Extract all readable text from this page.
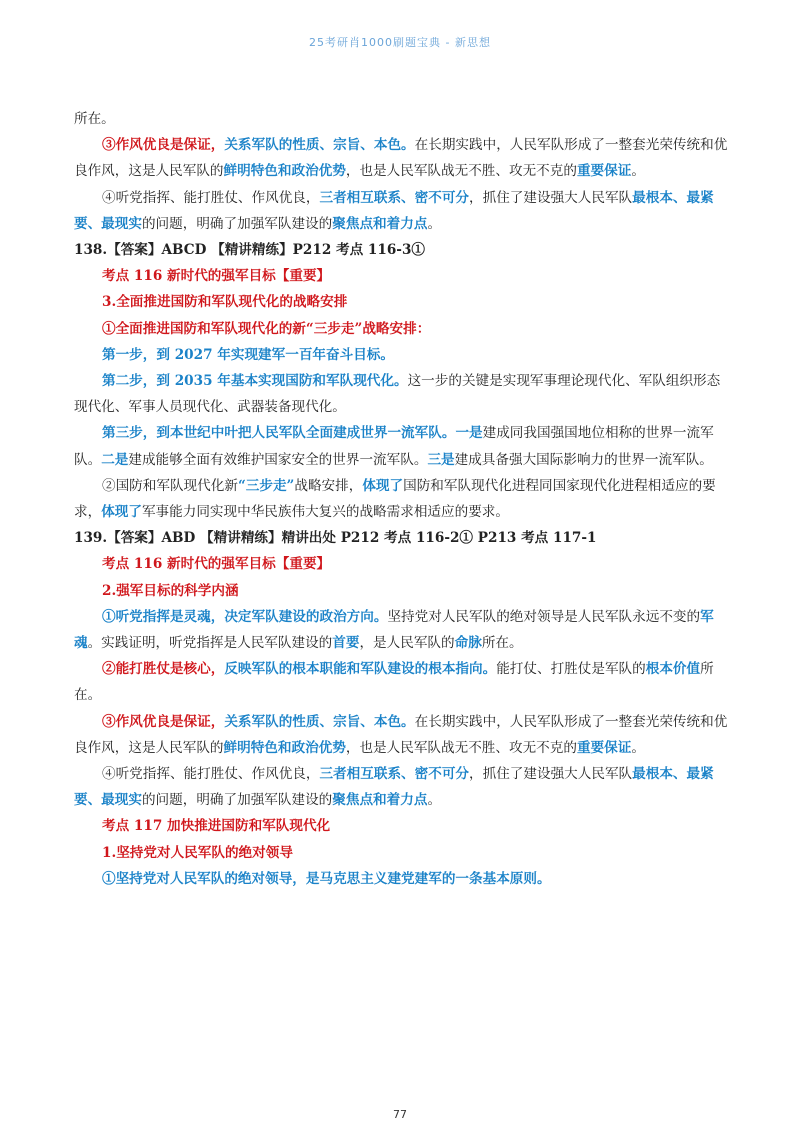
25考研肖1000刷题宝典 - 新思想

所在。

③作风优良是保证，关系军队的性质、宗旨、本色。在长期实践中，人民军队形成了一整套光荣传统和优良作风，这是人民军队的鲜明特色和政治优势，也是人民军队战无不胜、攻无不克的重要保证。

④听党指挥、能打胜仗、作风优良，三者相互联系、密不可分，抓住了建设强大人民军队最根本、最紧要、最现实的问题，明确了加强军队建设的聚焦点和着力点。

138.【答案】ABCD 【精讲精练】P212 考点 116-3①

考点 116 新时代的强军目标【重要】

3.全面推进国防和军队现代化的战略安排

①全面推进国防和军队现代化的新“三步走”战略安排：

第一步，到 2027 年实现建军一百年奋斗目标。

第二步，到 2035 年基本实现国防和军队现代化。这一步的关键是实现军事理论现代化、军队组织形态现代化、军事人员现代化、武器装备现代化。

第三步，到本世纪中叶把人民军队全面建成世界一流军队。一是建成同我国强国地位相称的世界一流军队。二是建成能够全面有效维护国家安全的世界一流军队。三是建成具备强大国际影响力的世界一流军队。

②国防和军队现代化新“三步走”战略安排，体现了国防和军队现代化进程同国家现代化进程相适应的要求，体现了军事能力同实现中华民族伟大复兴的战略需求相适应的要求。

139.【答案】ABD 【精讲精练】精讲出处 P212 考点 116-2① P213 考点 117-1

考点 116 新时代的强军目标【重要】

2.强军目标的科学内涵

①听党指挥是灵魂，决定军队建设的政治方向。坚持党对人民军队的绝对领导是人民军队永远不变的军魂。实践证明，听党指挥是人民军队建设的首要，是人民军队的命脉所在。

②能打胜仗是核心，反映军队的根本职能和军队建设的根本指向。能打仗、打胜仗是军队的根本价值所在。

③作风优良是保证，关系军队的性质、宗旨、本色。在长期实践中，人民军队形成了一整套光荣传统和优良作风，这是人民军队的鲜明特色和政治优势，也是人民军队战无不胜、攻无不克的重要保证。

④听党指挥、能打胜仗、作风优良，三者相互联系、密不可分，抓住了建设强大人民军队最根本、最紧要、最现实的问题，明确了加强军队建设的聚焦点和着力点。

考点 117 加快推进国防和军队现代化

1.坚持党对人民军队的绝对领导

①坚持党对人民军队的绝对领导，是马克思主义建党建军的一条基本原则。

77
